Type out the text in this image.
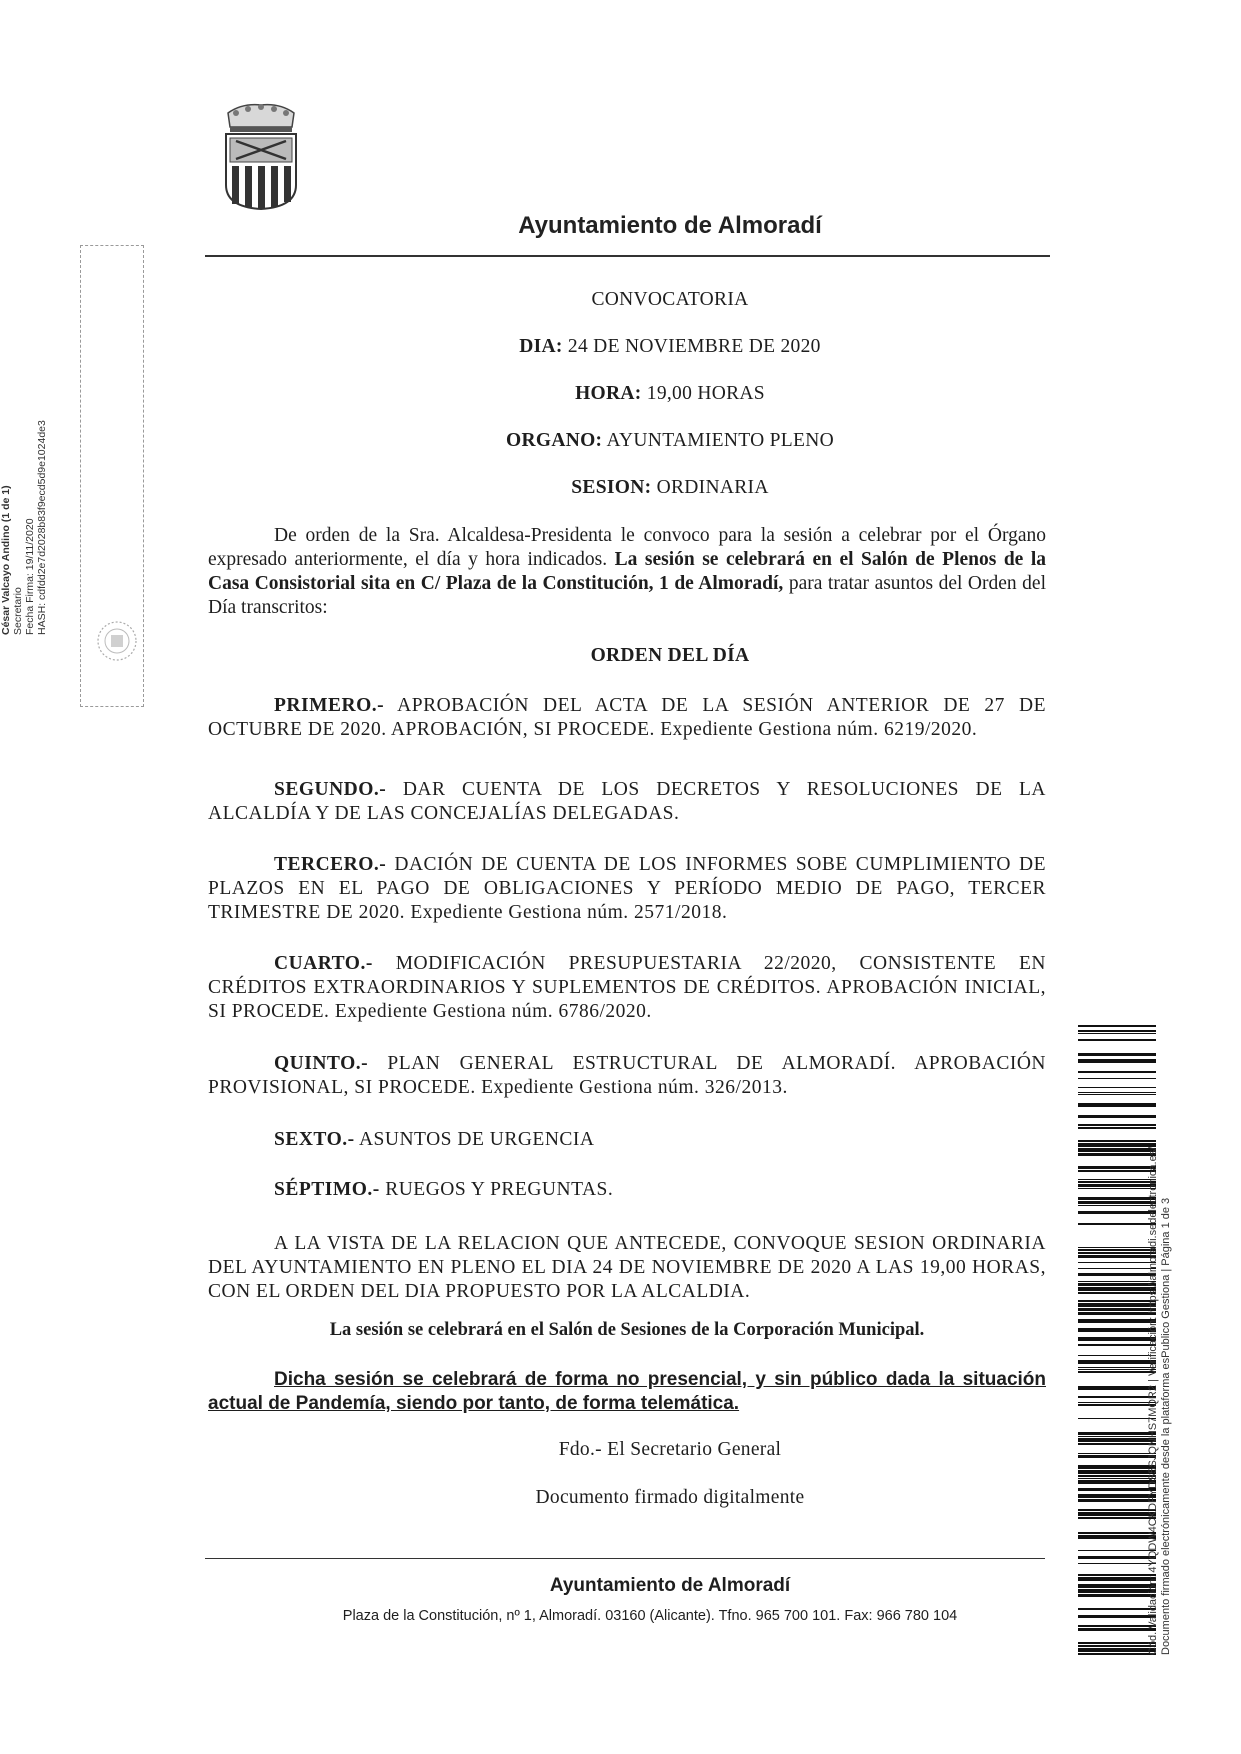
Ayuntamiento de Almoradí
CONVOCATORIA
DIA: 24 DE NOVIEMBRE DE 2020
HORA: 19,00 HORAS
ORGANO: AYUNTAMIENTO PLENO
SESION: ORDINARIA
De orden de la Sra. Alcaldesa-Presidenta le convoco para la sesión a celebrar por el Órgano expresado anteriormente, el día y hora indicados. La sesión se celebrará en el Salón de Plenos de la Casa Consistorial sita en C/ Plaza de la Constitución, 1 de Almoradí, para tratar asuntos del Orden del Día transcritos:
ORDEN DEL DÍA
PRIMERO.- APROBACIÓN DEL ACTA DE LA SESIÓN ANTERIOR DE 27 DE OCTUBRE DE 2020. APROBACIÓN, SI PROCEDE. Expediente Gestiona núm. 6219/2020.
SEGUNDO.- DAR CUENTA DE LOS DECRETOS Y RESOLUCIONES DE LA ALCALDÍA Y DE LAS CONCEJALÍAS DELEGADAS.
TERCERO.- DACIÓN DE CUENTA DE LOS INFORMES SOBE CUMPLIMIENTO DE PLAZOS EN EL PAGO DE OBLIGACIONES Y PERÍODO MEDIO DE PAGO, TERCER TRIMESTRE DE 2020. Expediente Gestiona núm. 2571/2018.
CUARTO.- MODIFICACIÓN PRESUPUESTARIA 22/2020, CONSISTENTE EN CRÉDITOS EXTRAORDINARIOS Y SUPLEMENTOS DE CRÉDITOS. APROBACIÓN INICIAL, SI PROCEDE. Expediente Gestiona núm. 6786/2020.
QUINTO.- PLAN GENERAL ESTRUCTURAL DE ALMORADÍ. APROBACIÓN PROVISIONAL, SI PROCEDE. Expediente Gestiona núm. 326/2013.
SEXTO.- ASUNTOS DE URGENCIA
SÉPTIMO.- RUEGOS Y PREGUNTAS.
A LA VISTA DE LA RELACION QUE ANTECEDE, CONVOQUE SESION ORDINARIA DEL AYUNTAMIENTO EN PLENO EL DIA 24 DE NOVIEMBRE DE 2020 A LAS 19,00 HORAS, CON EL ORDEN DEL DIA PROPUESTO POR LA ALCALDIA.
La sesión se celebrará en el Salón de Sesiones de la Corporación Municipal.
Dicha sesión se celebrará de forma no presencial, y sin público dada la situación actual de Pandemía, siendo por tanto, de forma telemática.
Fdo.- El Secretario General
Documento firmado digitalmente
Ayuntamiento de Almoradí
Plaza de la Constitución, nº 1, Almoradí. 03160 (Alicante). Tfno. 965 700 101. Fax: 966 780 104
César Valcayo Andino (1 de 1) Secretario Fecha Firma: 19/11/2020 HASH: cdfdd2e7d2028b83f9ecd5d9e1024de3
Cód. Validación: 4YQDW4CKDFYDS5SJQNHS7MQR2 | Verificación: https://almoradi.sedelectronica.es/ Documento firmado electrónicamente desde la plataforma esPublico Gestiona | Página 1 de 3
